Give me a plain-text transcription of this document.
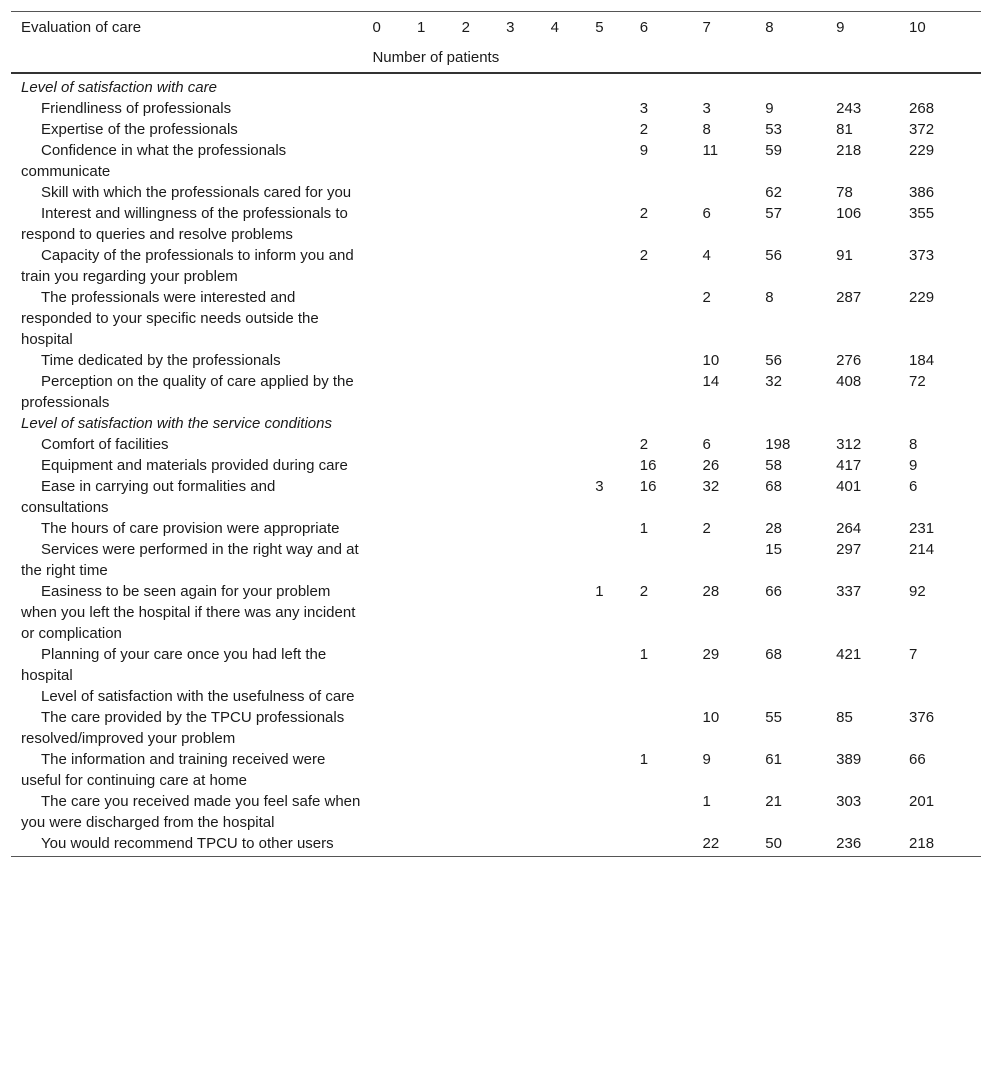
Evaluation of care	0	1	2	3	4	5	6	7	8	9	10
	Number of patients										
Level of satisfaction with care											
Friendliness of professionals							3	3	9	243	268
Expertise of the professionals							2	8	53	81	372
Confidence in what the professionals communicate							9	11	59	218	229
Skill with which the professionals cared for you									62	78	386
Interest and willingness of the professionals to respond to queries and resolve problems							2	6	57	106	355
Capacity of the professionals to inform you and train you regarding your problem							2	4	56	91	373
The professionals were interested and responded to your specific needs outside the hospital								2	8	287	229
Time dedicated by the professionals								10	56	276	184
Perception on the quality of care applied by the professionals								14	32	408	72
Level of satisfaction with the service conditions											
Comfort of facilities							2	6	198	312	8
Equipment and materials provided during care							16	26	58	417	9
Ease in carrying out formalities and consultations						3	16	32	68	401	6
The hours of care provision were appropriate							1	2	28	264	231
Services were performed in the right way and at the right time									15	297	214
Easiness to be seen again for your problem when you left the hospital if there was any incident or complication						1	2	28	66	337	92
Planning of your care once you had left the hospital							1	29	68	421	7
Level of satisfaction with the usefulness of care											
The care provided by the TPCU professionals resolved/improved your problem								10	55	85	376
The information and training received were useful for continuing care at home							1	9	61	389	66
The care you received made you feel safe when you were discharged from the hospital								1	21	303	201
You would recommend TPCU to other users								22	50	236	218
